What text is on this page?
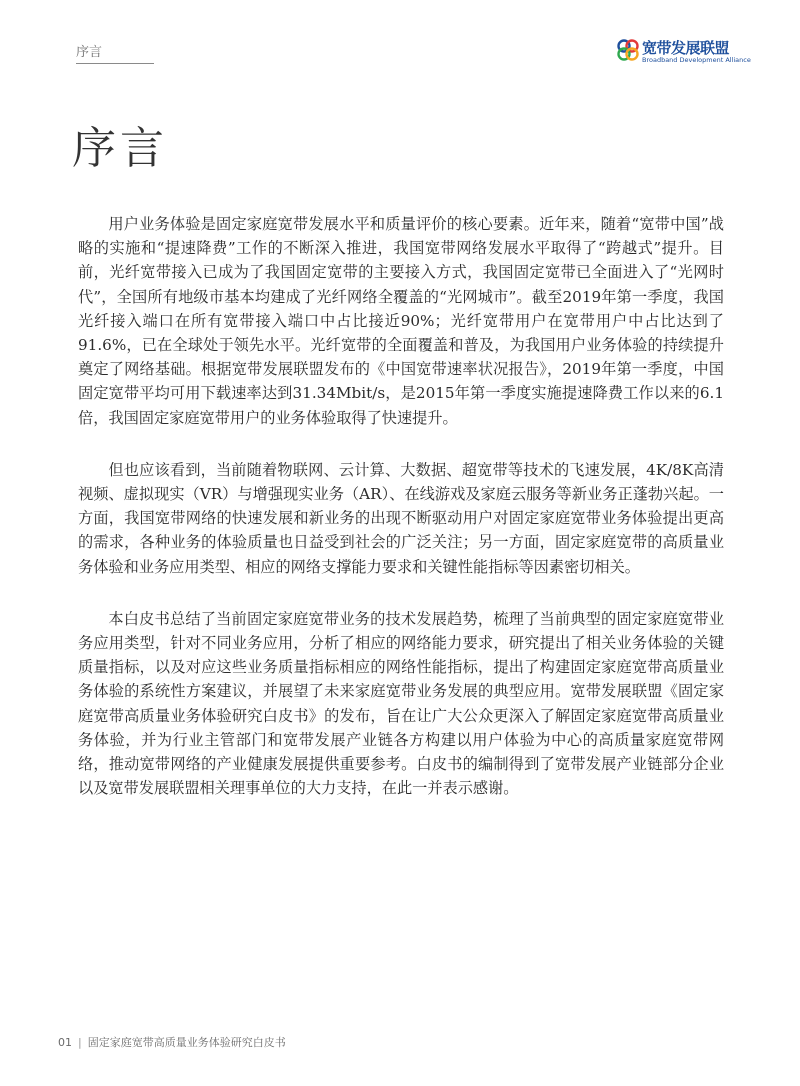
序言	宽带发展联盟
Broadband Development Alliance
序言

用户业务体验是固定家庭宽带发展水平和质量评价的核心要素。近年来，随着“宽带中国”战略的实施和“提速降费”工作的不断深入推进，我国宽带网络发展水平取得了“跨越式”提升。目前，光纤宽带接入已成为了我国固定宽带的主要接入方式，我国固定宽带已全面进入了“光网时代”，全国所有地级市基本均建成了光纤网络全覆盖的“光网城市”。截至2019年第一季度，我国光纤接入端口在所有宽带接入端口中占比接近90%；光纤宽带用户在宽带用户中占比达到了91.6%，已在全球处于领先水平。光纤宽带的全面覆盖和普及，为我国用户业务体验的持续提升奠定了网络基础。根据宽带发展联盟发布的《中国宽带速率状况报告》，2019年第一季度，中国固定宽带平均可用下载速率达到31.34Mbit/s，是2015年第一季度实施提速降费工作以来的6.1倍，我国固定家庭宽带用户的业务体验取得了快速提升。

但也应该看到，当前随着物联网、云计算、大数据、超宽带等技术的飞速发展，4K/8K高清视频、虚拟现实（VR）与增强现实业务（AR）、在线游戏及家庭云服务等新业务正蓬勃兴起。一方面，我国宽带网络的快速发展和新业务的出现不断驱动用户对固定家庭宽带业务体验提出更高的需求，各种业务的体验质量也日益受到社会的广泛关注；另一方面，固定家庭宽带的高质量业务体验和业务应用类型、相应的网络支撑能力要求和关键性能指标等因素密切相关。

本白皮书总结了当前固定家庭宽带业务的技术发展趋势，梳理了当前典型的固定家庭宽带业务应用类型，针对不同业务应用，分析了相应的网络能力要求，研究提出了相关业务体验的关键质量指标，以及对应这些业务质量指标相应的网络性能指标，提出了构建固定家庭宽带高质量业务体验的系统性方案建议，并展望了未来家庭宽带业务发展的典型应用。宽带发展联盟《固定家庭宽带高质量业务体验研究白皮书》的发布，旨在让广大公众更深入了解固定家庭宽带高质量业务体验，并为行业主管部门和宽带发展产业链各方构建以用户体验为中心的高质量家庭宽带网络，推动宽带网络的产业健康发展提供重要参考。白皮书的编制得到了宽带发展产业链部分企业以及宽带发展联盟相关理事单位的大力支持，在此一并表示感谢。

01 | 固定家庭宽带高质量业务体验研究白皮书
